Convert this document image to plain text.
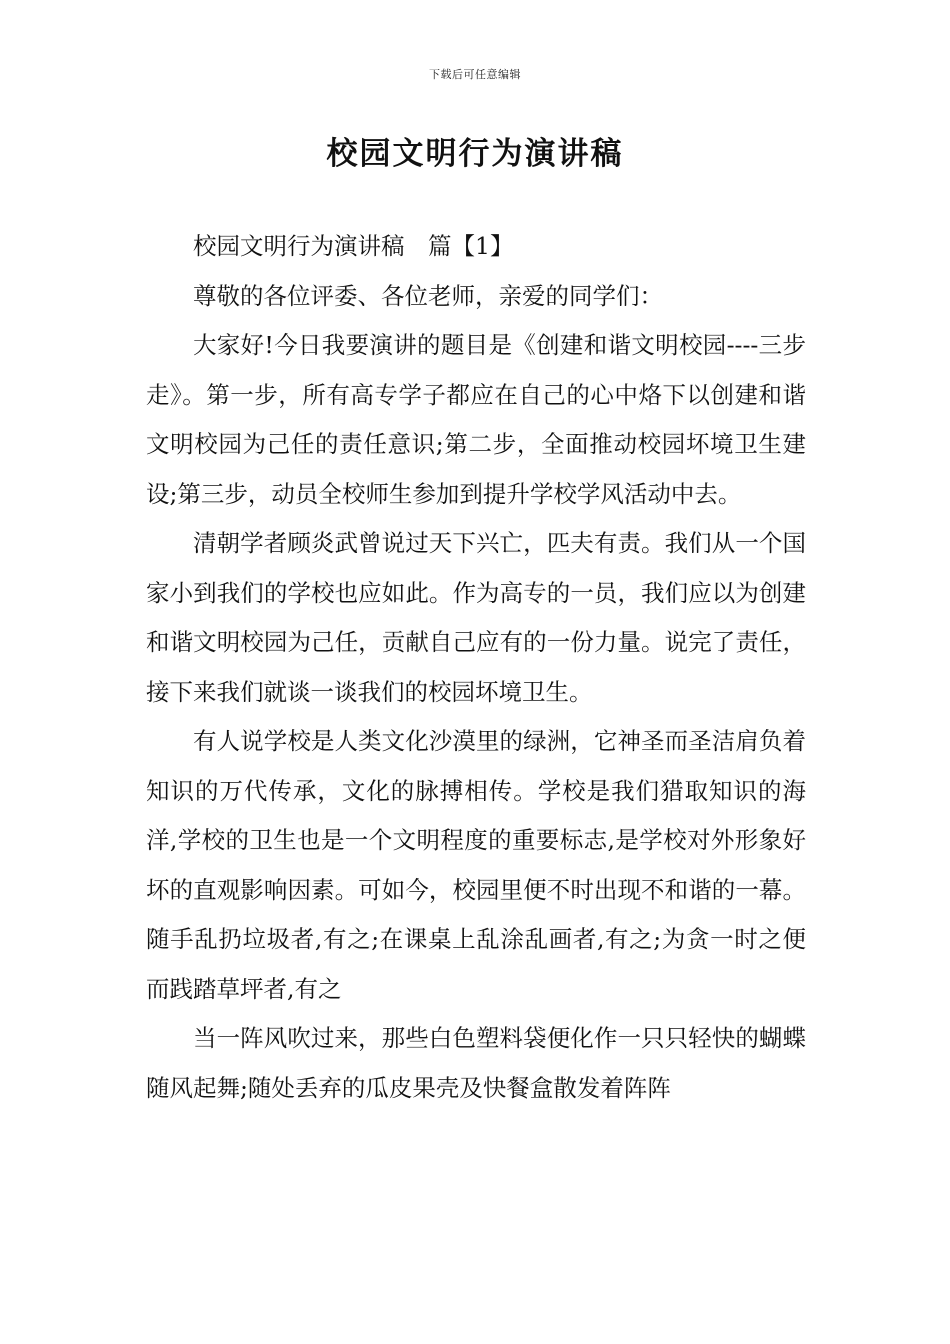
下载后可任意编辑
校园文明行为演讲稿

校园文明行为演讲稿　篇【1】

尊敬的各位评委、各位老师，亲爱的同学们：

大家好!今日我要演讲的题目是《创建和谐文明校园----三步走》。第一步，所有高专学子都应在自己的心中烙下以创建和谐文明校园为己任的责任意识;第二步，全面推动校园坏境卫生建设;第三步，动员全校师生参加到提升学校学风活动中去。

清朝学者顾炎武曾说过天下兴亡，匹夫有责。我们从一个国家小到我们的学校也应如此。作为高专的一员，我们应以为创建和谐文明校园为己任，贡献自己应有的一份力量。说完了责任，接下来我们就谈一谈我们的校园坏境卫生。

有人说学校是人类文化沙漠里的绿洲，它神圣而圣洁肩负着知识的万代传承，文化的脉搏相传。学校是我们猎取知识的海洋,学校的卫生也是一个文明程度的重要标志,是学校对外形象好坏的直观影响因素。可如今，校园里便不时出现不和谐的一幕。随手乱扔垃圾者,有之;在课桌上乱涂乱画者,有之;为贪一时之便而践踏草坪者,有之

当一阵风吹过来，那些白色塑料袋便化作一只只轻快的蝴蝶随风起舞;随处丢弃的瓜皮果壳及快餐盒散发着阵阵
